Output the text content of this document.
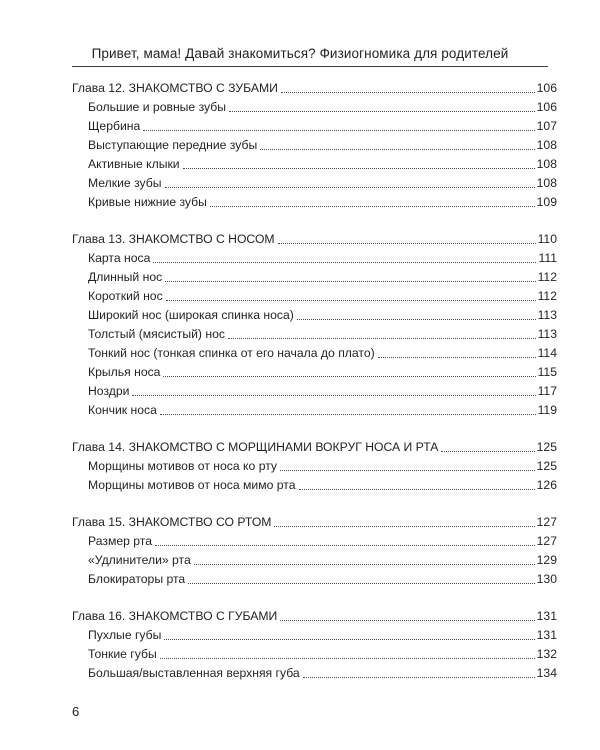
Привет, мама! Давай знакомиться? Физиогномика для родителей
Глава 12. ЗНАКОМСТВО С ЗУБАМИ	106
Большие и ровные зубы	106
Щербина	107
Выступающие передние зубы	108
Активные клыки	108
Мелкие зубы	108
Кривые нижние зубы	109
Глава 13. ЗНАКОМСТВО С НОСОМ	110
Карта носа	111
Длинный нос	112
Короткий нос	112
Широкий нос (широкая спинка носа)	113
Толстый (мясистый) нос	113
Тонкий нос (тонкая спинка от его начала до плато)	114
Крылья носа	115
Ноздри	117
Кончик носа	119
Глава 14. ЗНАКОМСТВО С МОРЩИНАМИ ВОКРУГ НОСА И РТА	125
Морщины мотивов от носа ко рту	125
Морщины мотивов от носа мимо рта	126
Глава 15. ЗНАКОМСТВО СО РТОМ	127
Размер рта	127
«Удлинители» рта	129
Блокираторы рта	130
Глава 16. ЗНАКОМСТВО С ГУБАМИ	131
Пухлые губы	131
Тонкие губы	132
Большая/выставленная верхняя губа	134
6
